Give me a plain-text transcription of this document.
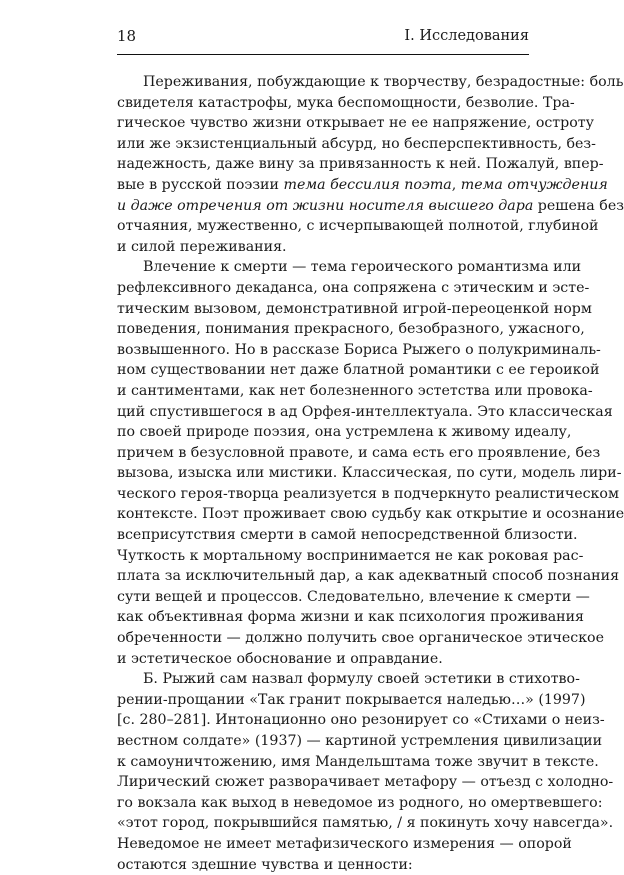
18	I. Исследования

Переживания, побуждающие к творчеству, безрадостные: боль
свидетеля катастрофы, мука беспомощности, безволие. Тра-
гическое чувство жизни открывает не ее напряжение, остроту
или же экзистенциальный абсурд, но бесперспективность, без-
надежность, даже вину за привязанность к ней. Пожалуй, впер-
вые в русской поэзии тема бессилия поэта, тема отчуждения
и даже отречения от жизни носителя высшего дара решена без
отчаяния, мужественно, с исчерпывающей полнотой, глубиной
и силой переживания.

Влечение к смерти — тема героического романтизма или
рефлексивного декаданса, она сопряжена с этическим и эсте-
тическим вызовом, демонстративной игрой-переоценкой норм
поведения, понимания прекрасного, безобразного, ужасного,
возвышенного. Но в рассказе Бориса Рыжего о полукриминаль-
ном существовании нет даже блатной романтики с ее героикой
и сантиментами, как нет болезненного эстетства или провока-
ций спустившегося в ад Орфея-интеллектуала. Это классическая
по своей природе поэзия, она устремлена к живому идеалу,
причем в безусловной правоте, и сама есть его проявление, без
вызова, изыска или мистики. Классическая, по сути, модель лири-
ческого героя-творца реализуется в подчеркнуто реалистическом
контексте. Поэт проживает свою судьбу как открытие и осознание
всеприсутствия смерти в самой непосредственной близости.
Чуткость к мортальному воспринимается не как роковая рас-
плата за исключительный дар, а как адекватный способ познания
сути вещей и процессов. Следовательно, влечение к смерти —
как объективная форма жизни и как психология проживания
обреченности — должно получить свое органическое этическое
и эстетическое обоснование и оправдание.

Б. Рыжий сам назвал формулу своей эстетики в стихотво-
рении-прощании «Так гранит покрывается наледью…» (1997)
[с. 280–281]. Интонационно оно резонирует со «Стихами о неиз-
вестном солдате» (1937) — картиной устремления цивилизации
к самоуничтожению, имя Мандельштама тоже звучит в тексте.
Лирический сюжет разворачивает метафору — отъезд с холодно-
го вокзала как выход в неведомое из родного, но омертвевшего:
«этот город, покрывшийся памятью, / я покинуть хочу навсегда».
Неведомое не имеет метафизического измерения — опорой
остаются здешние чувства и ценности:
